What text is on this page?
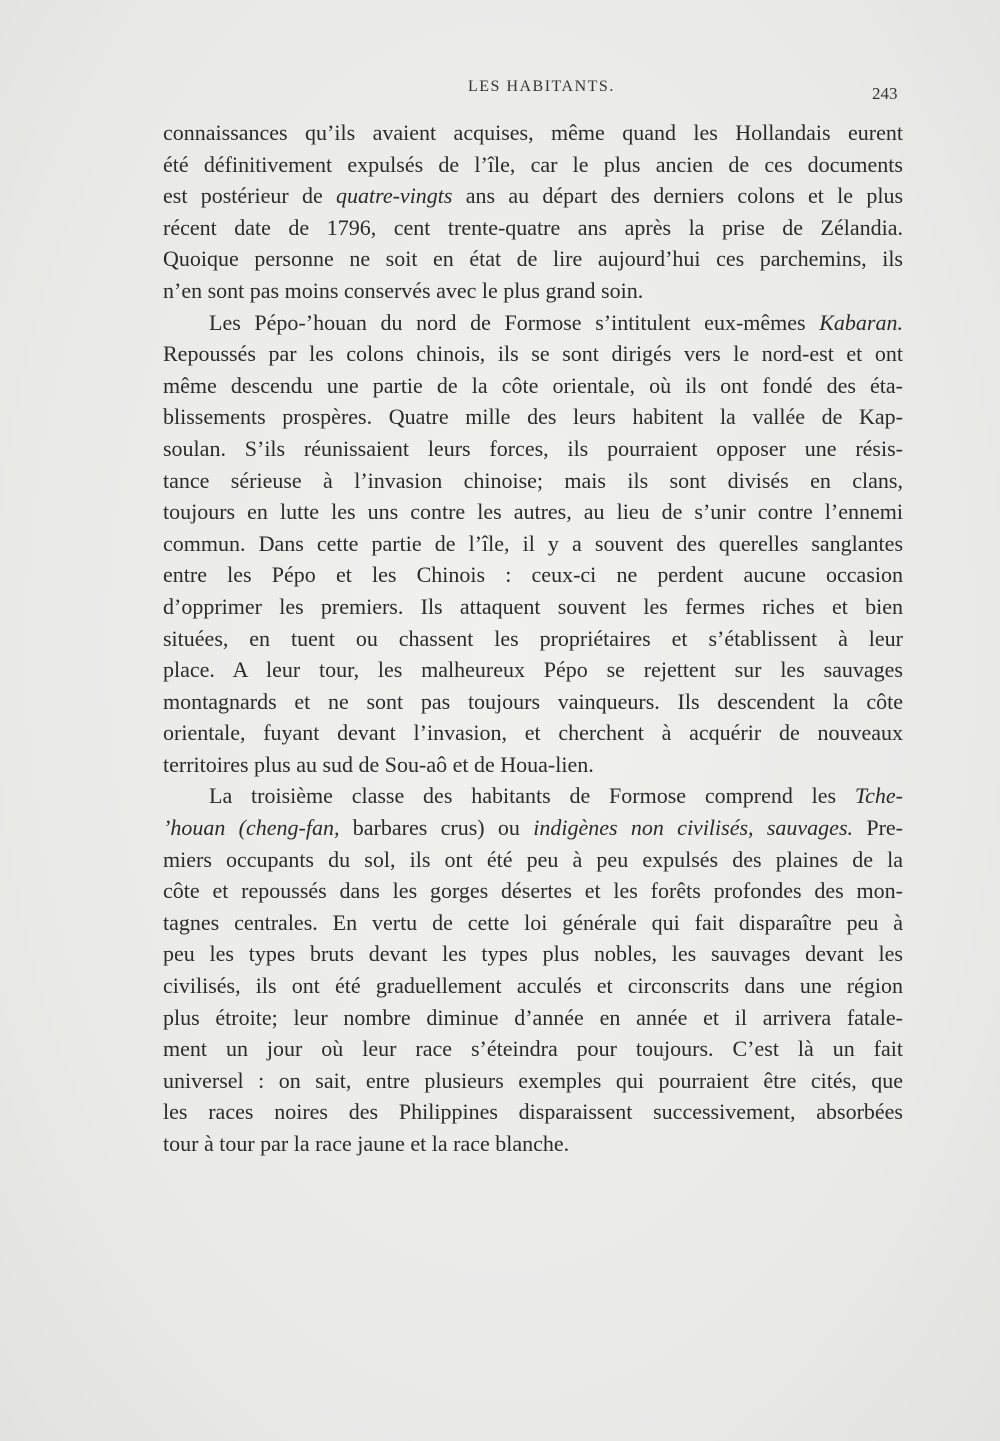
LES HABITANTS.	243
connaissances qu’ils avaient acquises, même quand les Hollandais eurent
été définitivement expulsés de l’île, car le plus ancien de ces documents
est postérieur de quatre-vingts ans au départ des derniers colons et le plus
récent date de 1796, cent trente-quatre ans après la prise de Zélandia.
Quoique personne ne soit en état de lire aujourd’hui ces parchemins, ils
n’en sont pas moins conservés avec le plus grand soin.
Les Pépo-’houan du nord de Formose s’intitulent eux-mêmes Kabaran.
Repoussés par les colons chinois, ils se sont dirigés vers le nord-est et ont
même descendu une partie de la côte orientale, où ils ont fondé des éta-
blissements prospères. Quatre mille des leurs habitent la vallée de Kap-
soulan. S’ils réunissaient leurs forces, ils pourraient opposer une résis-
tance sérieuse à l’invasion chinoise; mais ils sont divisés en clans,
toujours en lutte les uns contre les autres, au lieu de s’unir contre l’ennemi
commun. Dans cette partie de l’île, il y a souvent des querelles sanglantes
entre les Pépo et les Chinois : ceux-ci ne perdent aucune occasion
d’opprimer les premiers. Ils attaquent souvent les fermes riches et bien
situées, en tuent ou chassent les propriétaires et s’établissent à leur
place. A leur tour, les malheureux Pépo se rejettent sur les sauvages
montagnards et ne sont pas toujours vainqueurs. Ils descendent la côte
orientale, fuyant devant l’invasion, et cherchent à acquérir de nouveaux
territoires plus au sud de Sou-aô et de Houa-lien.
La troisième classe des habitants de Formose comprend les Tche-
’houan (cheng-fan, barbares crus) ou indigènes non civilisés, sauvages. Pre-
miers occupants du sol, ils ont été peu à peu expulsés des plaines de la
côte et repoussés dans les gorges désertes et les forêts profondes des mon-
tagnes centrales. En vertu de cette loi générale qui fait disparaître peu à
peu les types bruts devant les types plus nobles, les sauvages devant les
civilisés, ils ont été graduellement acculés et circonscrits dans une région
plus étroite; leur nombre diminue d’année en année et il arrivera fatale-
ment un jour où leur race s’éteindra pour toujours. C’est là un fait
universel : on sait, entre plusieurs exemples qui pourraient être cités, que
les races noires des Philippines disparaissent successivement, absorbées
tour à tour par la race jaune et la race blanche.
